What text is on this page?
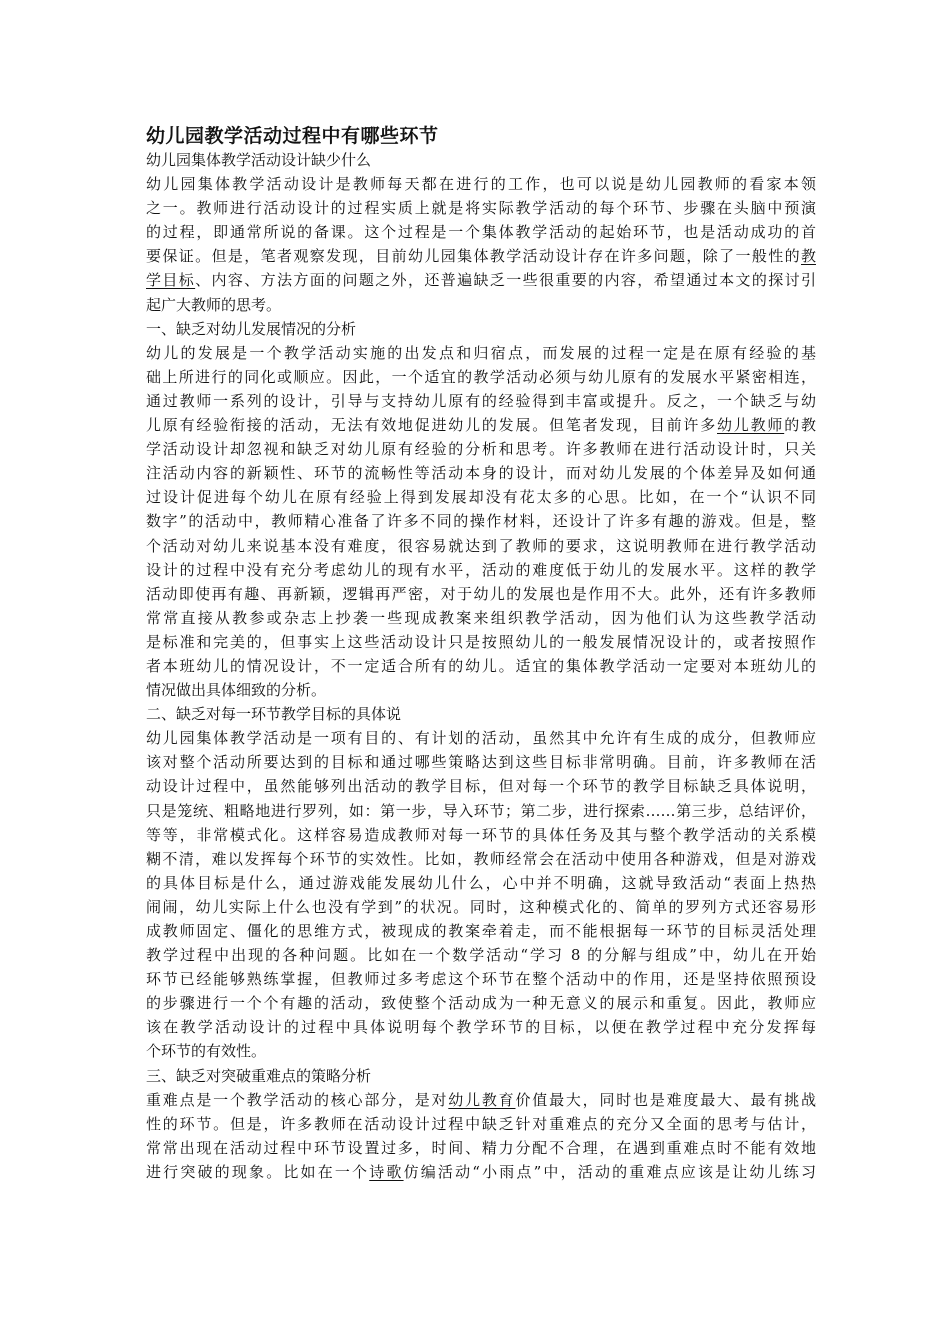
幼儿园教学活动过程中有哪些环节
幼儿园集体教学活动设计缺少什么
幼儿园集体教学活动设计是教师每天都在进行的工作，也可以说是幼儿园教师的看家本领
之一。教师进行活动设计的过程实质上就是将实际教学活动的每个环节、步骤在头脑中预演
的过程，即通常所说的备课。这个过程是一个集体教学活动的起始环节，也是活动成功的首
要保证。但是，笔者观察发现，目前幼儿园集体教学活动设计存在许多问题，除了一般性的教
学目标、内容、方法方面的问题之外，还普遍缺乏一些很重要的内容，希望通过本文的探讨引
起广大教师的思考。
一、缺乏对幼儿发展情况的分析
幼儿的发展是一个教学活动实施的出发点和归宿点，而发展的过程一定是在原有经验的基
础上所进行的同化或顺应。因此，一个适宜的教学活动必须与幼儿原有的发展水平紧密相连，
通过教师一系列的设计，引导与支持幼儿原有的经验得到丰富或提升。反之，一个缺乏与幼
儿原有经验衔接的活动，无法有效地促进幼儿的发展。但笔者发现，目前许多幼儿教师的教
学活动设计却忽视和缺乏对幼儿原有经验的分析和思考。许多教师在进行活动设计时，只关
注活动内容的新颖性、环节的流畅性等活动本身的设计，而对幼儿发展的个体差异及如何通
过设计促进每个幼儿在原有经验上得到发展却没有花太多的心思。比如，在一个“认识不同
数字”的活动中，教师精心准备了许多不同的操作材料，还设计了许多有趣的游戏。但是，整
个活动对幼儿来说基本没有难度，很容易就达到了教师的要求，这说明教师在进行教学活动
设计的过程中没有充分考虑幼儿的现有水平，活动的难度低于幼儿的发展水平。这样的教学
活动即使再有趣、再新颖，逻辑再严密，对于幼儿的发展也是作用不大。此外，还有许多教师
常常直接从教参或杂志上抄袭一些现成教案来组织教学活动，因为他们认为这些教学活动
是标准和完美的，但事实上这些活动设计只是按照幼儿的一般发展情况设计的，或者按照作
者本班幼儿的情况设计，不一定适合所有的幼儿。适宜的集体教学活动一定要对本班幼儿的
情况做出具体细致的分析。
二、缺乏对每一环节教学目标的具体说
幼儿园集体教学活动是一项有目的、有计划的活动，虽然其中允许有生成的成分，但教师应
该对整个活动所要达到的目标和通过哪些策略达到这些目标非常明确。目前，许多教师在活
动设计过程中，虽然能够列出活动的教学目标，但对每一个环节的教学目标缺乏具体说明，
只是笼统、粗略地进行罗列，如：第一步，导入环节；第二步，进行探索……第三步，总结评价，
等等，非常模式化。这样容易造成教师对每一环节的具体任务及其与整个教学活动的关系模
糊不清，难以发挥每个环节的实效性。比如，教师经常会在活动中使用各种游戏，但是对游戏
的具体目标是什么，通过游戏能发展幼儿什么，心中并不明确，这就导致活动“表面上热热
闹闹，幼儿实际上什么也没有学到”的状况。同时，这种模式化的、简单的罗列方式还容易形
成教师固定、僵化的思维方式，被现成的教案牵着走，而不能根据每一环节的目标灵活处理
教学过程中出现的各种问题。比如在一个数学活动“学习 8 的分解与组成”中，幼儿在开始
环节已经能够熟练掌握，但教师过多考虑这个环节在整个活动中的作用，还是坚持依照预设
的步骤进行一个个有趣的活动，致使整个活动成为一种无意义的展示和重复。因此，教师应
该在教学活动设计的过程中具体说明每个教学环节的目标，以便在教学过程中充分发挥每
个环节的有效性。
三、缺乏对突破重难点的策略分析
重难点是一个教学活动的核心部分，是对幼儿教育价值最大，同时也是难度最大、最有挑战
性的环节。但是，许多教师在活动设计过程中缺乏针对重难点的充分又全面的思考与估计，
常常出现在活动过程中环节设置过多，时间、精力分配不合理，在遇到重难点时不能有效地
进行突破的现象。比如在一个诗歌仿编活动“小雨点”中，活动的重难点应该是让幼儿练习
